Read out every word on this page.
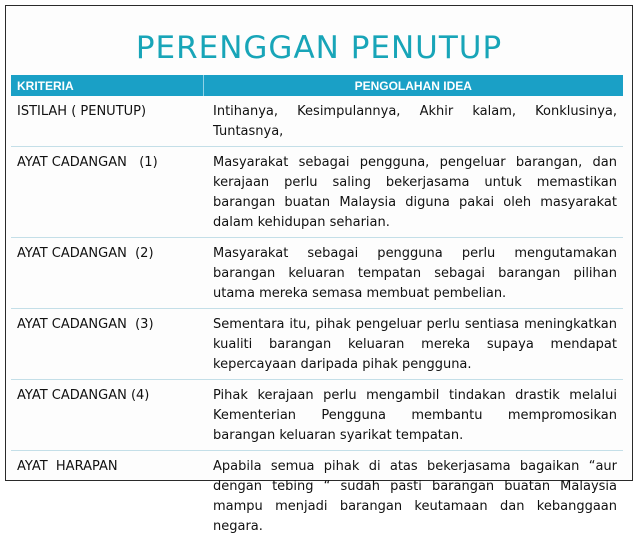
PERENGGAN PENUTUP
KRITERIA	PENGOLAHAN IDEA
ISTILAH ( PENUTUP)	Intihanya, Kesimpulannya, Akhir kalam, Konklusinya, Tuntasnya,
AYAT CADANGAN   (1)	Masyarakat sebagai pengguna, pengeluar barangan, dan kerajaan perlu saling bekerjasama untuk memastikan barangan buatan Malaysia diguna pakai oleh masyarakat dalam kehidupan seharian.
AYAT CADANGAN  (2)	Masyarakat sebagai pengguna perlu mengutamakan barangan keluaran tempatan sebagai barangan pilihan utama mereka semasa membuat pembelian.
AYAT CADANGAN  (3)	Sementara itu, pihak pengeluar perlu sentiasa meningkatkan kualiti barangan keluaran mereka supaya mendapat kepercayaan daripada pihak pengguna.
AYAT CADANGAN (4)	Pihak kerajaan perlu mengambil tindakan drastik melalui Kementerian Pengguna membantu mempromosikan barangan keluaran syarikat tempatan.
AYAT  HARAPAN	Apabila semua pihak di atas bekerjasama bagaikan “aur dengan tebing “ sudah pasti barangan buatan Malaysia mampu menjadi barangan keutamaan dan kebanggaan negara.
